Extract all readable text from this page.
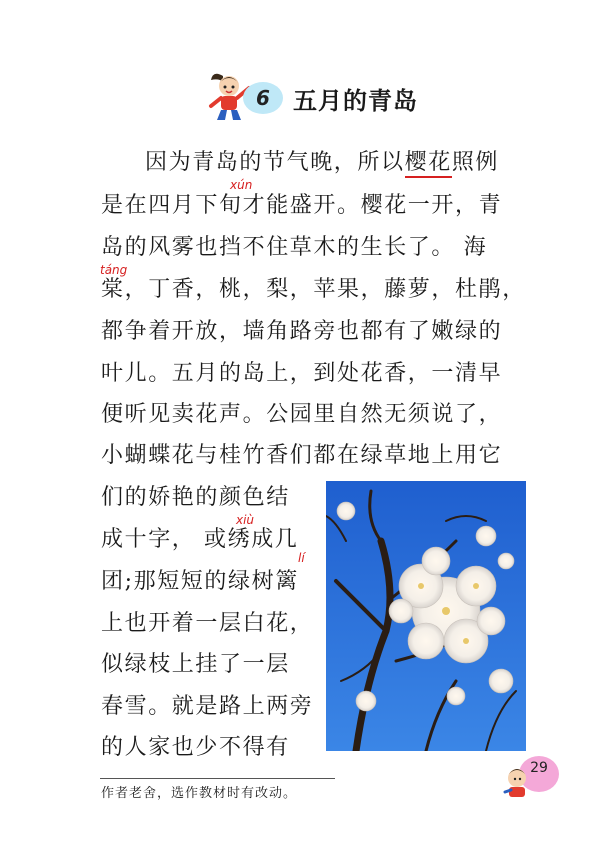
6 五月的青岛
xún
táng
xiù
lí
因为青岛的节气晚，所以樱花照例
是在四月下旬才能盛开。樱花一开，青
岛的风雾也挡不住草木的生长了。 海
棠，丁香，桃，梨，苹果，藤萝，杜鹃，
都争着开放，墙角路旁也都有了嫩绿的
叶儿。五月的岛上，到处花香，一清早
便听见卖花声。公园里自然无须说了，
小蝴蝶花与桂竹香们都在绿草地上用它
们的娇艳的颜色结
成十字， 或绣成几
团;那短短的绿树篱
上也开着一层白花，
似绿枝上挂了一层
春雪。就是路上两旁
的人家也少不得有
作者老舍，选作教材时有改动。
29
